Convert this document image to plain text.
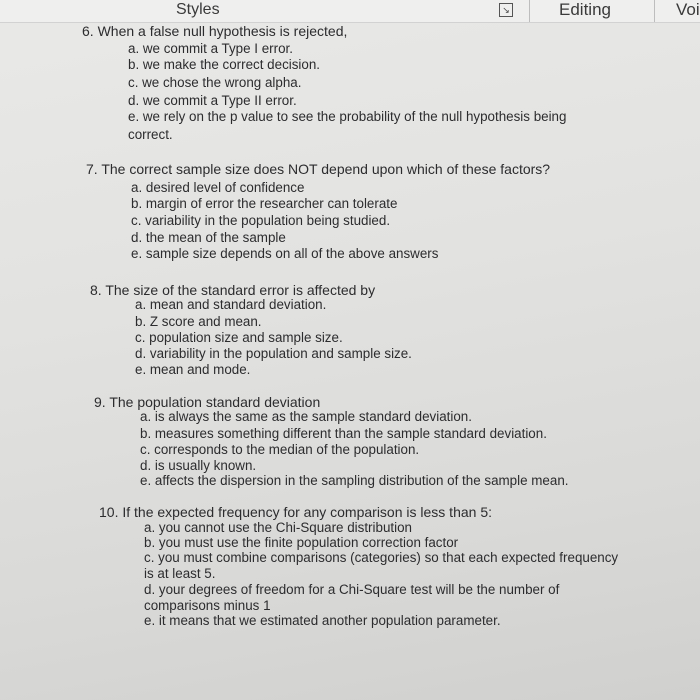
Styles	↘	Editing	Voi
6. When a false null hypothesis is rejected,
a. we commit a Type I error.
b. we make the correct decision.
c. we chose the wrong alpha.
d. we commit a Type II error.
e. we rely on the p value to see the probability of the null hypothesis being
correct.
7. The correct sample size does NOT depend upon which of these factors?
a. desired level of confidence
b. margin of error the researcher can tolerate
c. variability in the population being studied.
d. the mean of the sample
e. sample size depends on all of the above answers
8. The size of the standard error is affected by
a. mean and standard deviation.
b. Z score and mean.
c. population size and sample size.
d. variability in the population and sample size.
e. mean and mode.
9. The population standard deviation
a. is always the same as the sample standard deviation.
b. measures something different than the sample standard deviation.
c. corresponds to the median of the population.
d. is usually known.
e. affects the dispersion in the sampling distribution of the sample mean.
10. If the expected frequency for any comparison is less than 5:
a. you cannot use the Chi-Square distribution
b. you must use the finite population correction factor
c. you must combine comparisons (categories) so that each expected frequency
is at least 5.
d. your degrees of freedom for a Chi-Square test will be the number of
comparisons minus 1
e. it means that we estimated another population parameter.
